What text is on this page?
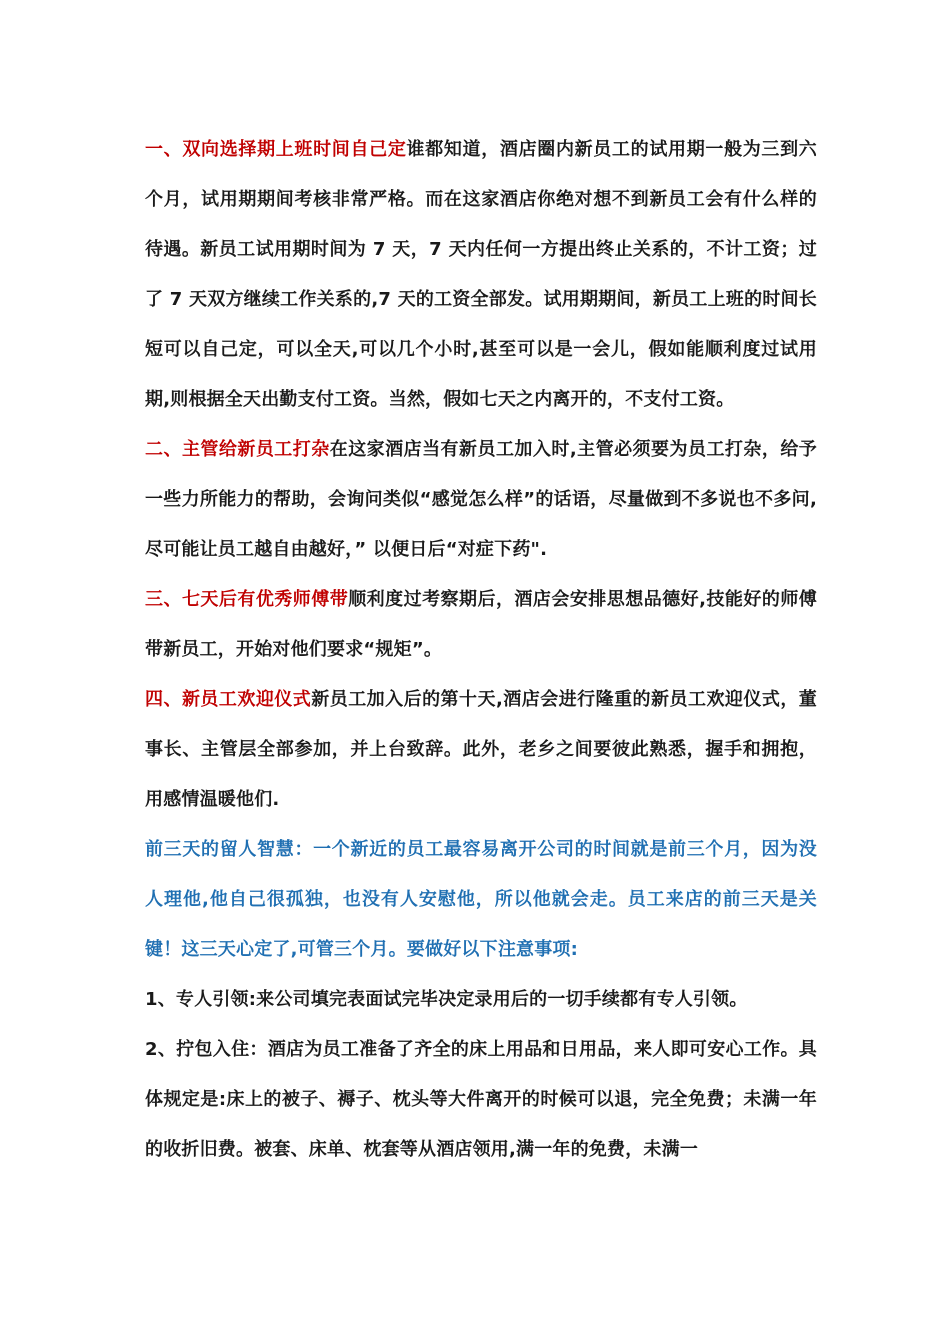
一、双向选择期上班时间自己定谁都知道，酒店圈内新员工的试用期一般为三到六个月，试用期期间考核非常严格。而在这家酒店你绝对想不到新员工会有什么样的待遇。新员工试用期时间为 7 天，7 天内任何一方提出终止关系的，不计工资；过了 7 天双方继续工作关系的,7 天的工资全部发。试用期期间，新员工上班的时间长短可以自己定，可以全天,可以几个小时,甚至可以是一会儿，假如能顺利度过试用期,则根据全天出勤支付工资。当然，假如七天之内离开的，不支付工资。

二、主管给新员工打杂在这家酒店当有新员工加入时,主管必须要为员工打杂，给予一些力所能力的帮助，会询问类似“感觉怎么样”的话语，尽量做到不多说也不多问,尽可能让员工越自由越好，” 以便日后“对症下药".

三、七天后有优秀师傅带顺利度过考察期后，酒店会安排思想品德好,技能好的师傅带新员工，开始对他们要求“规矩”。

四、新员工欢迎仪式新员工加入后的第十天,酒店会进行隆重的新员工欢迎仪式，董事长、主管层全部参加，并上台致辞。此外，老乡之间要彼此熟悉，握手和拥抱，用感情温暖他们.

前三天的留人智慧：一个新近的员工最容易离开公司的时间就是前三个月，因为没人理他,他自己很孤独，也没有人安慰他，所以他就会走。员工来店的前三天是关键！这三天心定了,可管三个月。要做好以下注意事项:

1、专人引领:来公司填完表面试完毕决定录用后的一切手续都有专人引领。

2、拧包入住：酒店为员工准备了齐全的床上用品和日用品，来人即可安心工作。具体规定是:床上的被子、褥子、枕头等大件离开的时候可以退，完全免费；未满一年的收折旧费。被套、床单、枕套等从酒店领用,满一年的免费，未满一
